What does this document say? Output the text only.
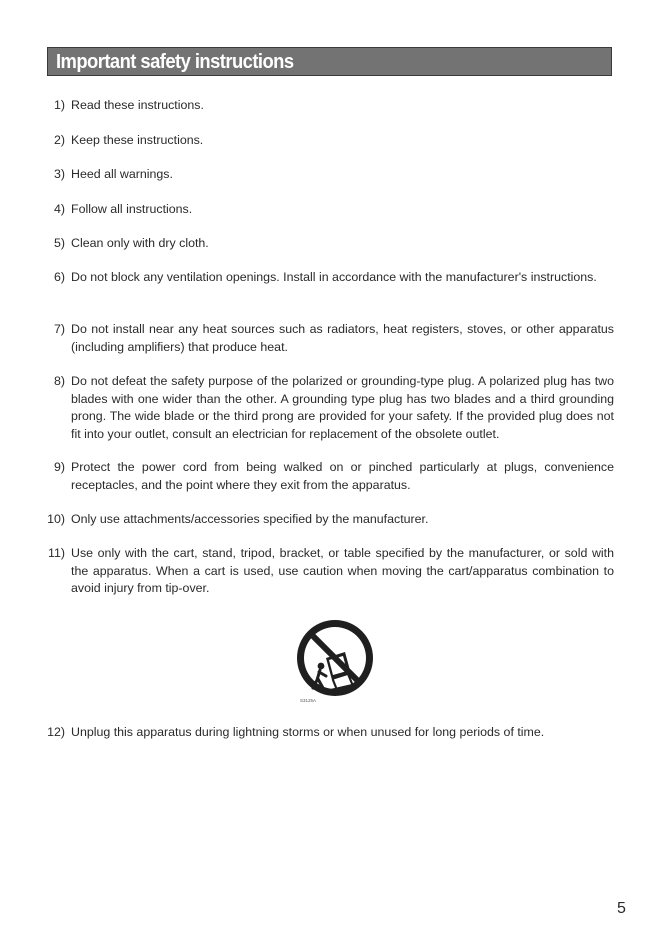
Important safety instructions
1) Read these instructions.
2) Keep these instructions.
3) Heed all warnings.
4) Follow all instructions.
5) Clean only with dry cloth.
6) Do not block any ventilation openings. Install in accordance with the manufacturer's instructions.
7) Do not install near any heat sources such as radiators, heat registers, stoves, or other apparatus (including amplifiers) that produce heat.
8) Do not defeat the safety purpose of the polarized or grounding-type plug. A polarized plug has two blades with one wider than the other. A grounding type plug has two blades and a third grounding prong. The wide blade or the third prong are provided for your safety. If the provided plug does not fit into your outlet, consult an electrician for replacement of the obsolete outlet.
9) Protect the power cord from being walked on or pinched particularly at plugs, convenience receptacles, and the point where they exit from the apparatus.
10) Only use attachments/accessories specified by the manufacturer.
11) Use only with the cart, stand, tripod, bracket, or table specified by the manufacturer, or sold with the apparatus. When a cart is used, use caution when moving the cart/apparatus combination to avoid injury from tip-over.
S3125A
12) Unplug this apparatus during lightning storms or when unused for long periods of time.
5
